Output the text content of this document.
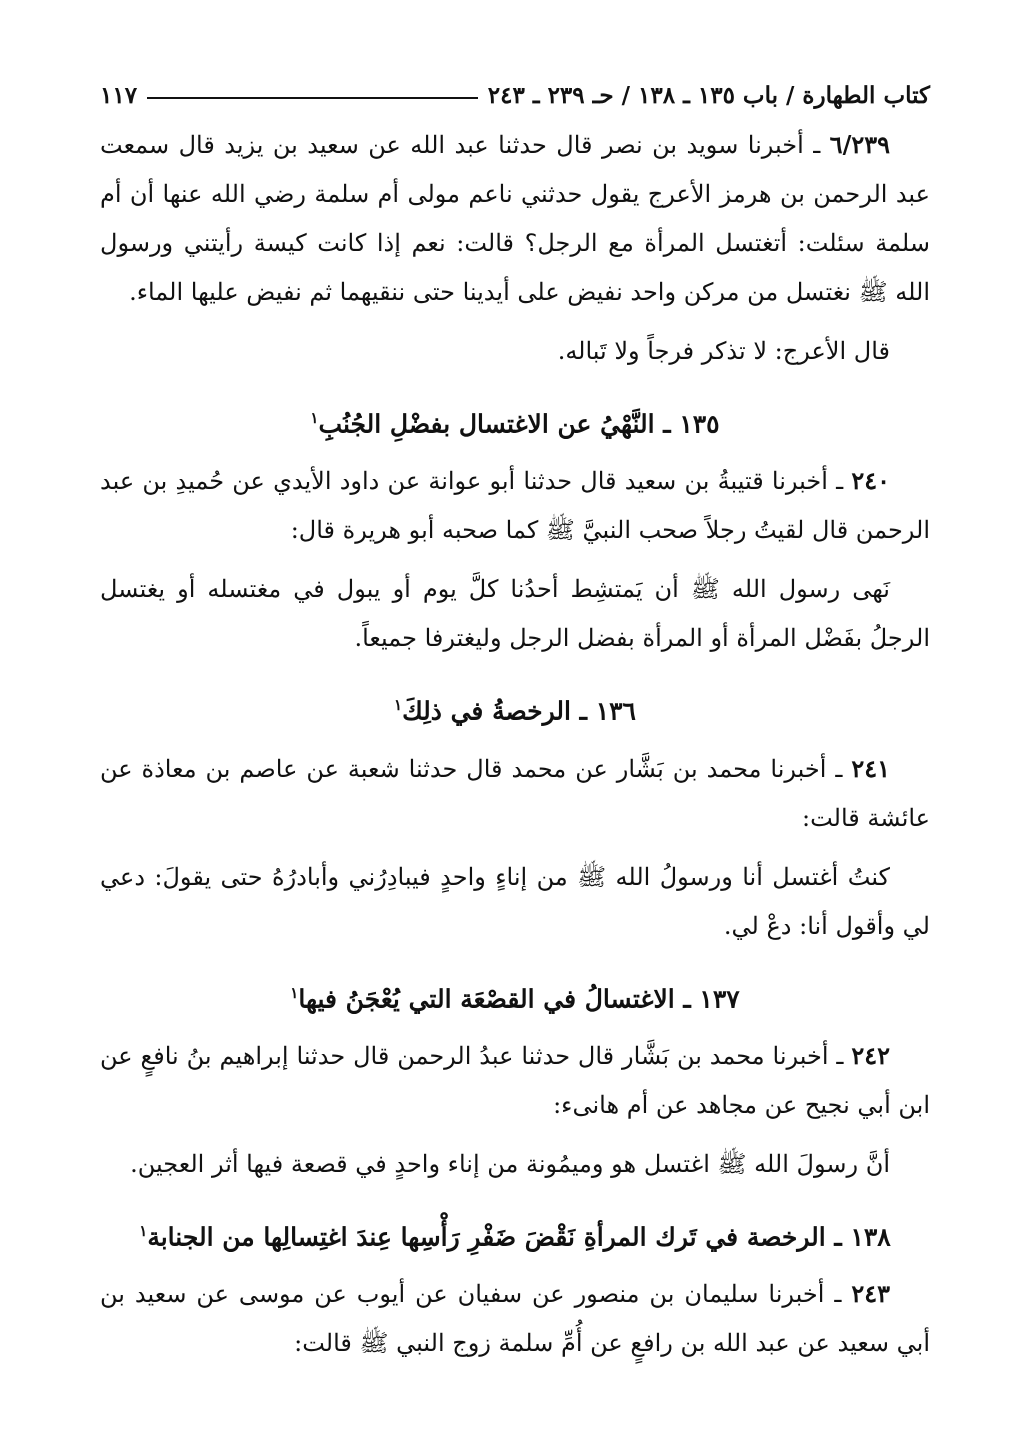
كتاب الطهارة / باب ١٣٥ ـ ١٣٨ / حـ ٢٣٩ ـ ٢٤٣
١١٧

٦/٢٣٩ ـ أخبرنا سويد بن نصر قال حدثنا عبد الله عن سعيد بن يزيد قال سمعت عبد الرحمن بن هرمز الأعرج يقول حدثني ناعم مولى أم سلمة رضي الله عنها أن أم سلمة سئلت: أتغتسل المرأة مع الرجل؟ قالت: نعم إذا كانت كيسة رأيتني ورسول الله ﷺ نغتسل من مركن واحد نفيض على أيدينا حتى ننقيهما ثم نفيض عليها الماء.

قال الأعرج: لا تذكر فرجاً ولا تَباله.

١٣٥ ـ النَّهْيُ عن الاغتسال بفضْلِ الجُنُبِ$^١$

٢٤٠ ـ أخبرنا قتيبةُ بن سعيد قال حدثنا أبو عوانة عن داود الأيدي عن حُميدِ بن عبد الرحمن قال لقيتُ رجلاً صحب النبيَّ ﷺ كما صحبه أبو هريرة قال:

نَهى رسول الله ﷺ أن يَمتشِط أحدُنا كلَّ يوم أو يبول في مغتسله أو يغتسل الرجلُ بفَضْل المرأة أو المرأة بفضل الرجل وليغترفا جميعاً.

١٣٦ ـ الرخصةُ في ذلِكَ$^١$

٢٤١ ـ أخبرنا محمد بن بَشَّار عن محمد قال حدثنا شعبة عن عاصم بن معاذة عن عائشة قالت:

كنتُ أغتسل أنا ورسولُ الله ﷺ من إناءٍ واحدٍ فيبادِرُني وأبادرُهُ حتى يقولَ: دعي لي وأقول أنا: دعْ لي.

١٣٧ ـ الاغتسالُ في القصْعَة التي يُعْجَنُ فيها$^١$

٢٤٢ ـ أخبرنا محمد بن بَشَّار قال حدثنا عبدُ الرحمن قال حدثنا إبراهيم بنُ نافعٍ عن ابن أبي نجيح عن مجاهد عن أم هانىء:

أنَّ رسولَ الله ﷺ اغتسل هو وميمُونة من إناء واحدٍ في قصعة فيها أثر العجين.

١٣٨ ـ الرخصة في تَرك المرأةِ نَقْضَ ضَفْرِ رَأْسِها عِندَ اغتِسالِها من الجنابة$^١$

٢٤٣ ـ أخبرنا سليمان بن منصور عن سفيان عن أيوب عن موسى عن سعيد بن أبي سعيد عن عبد الله بن رافعٍ عن أُمِّ سلمة زوج النبي ﷺ قالت:
